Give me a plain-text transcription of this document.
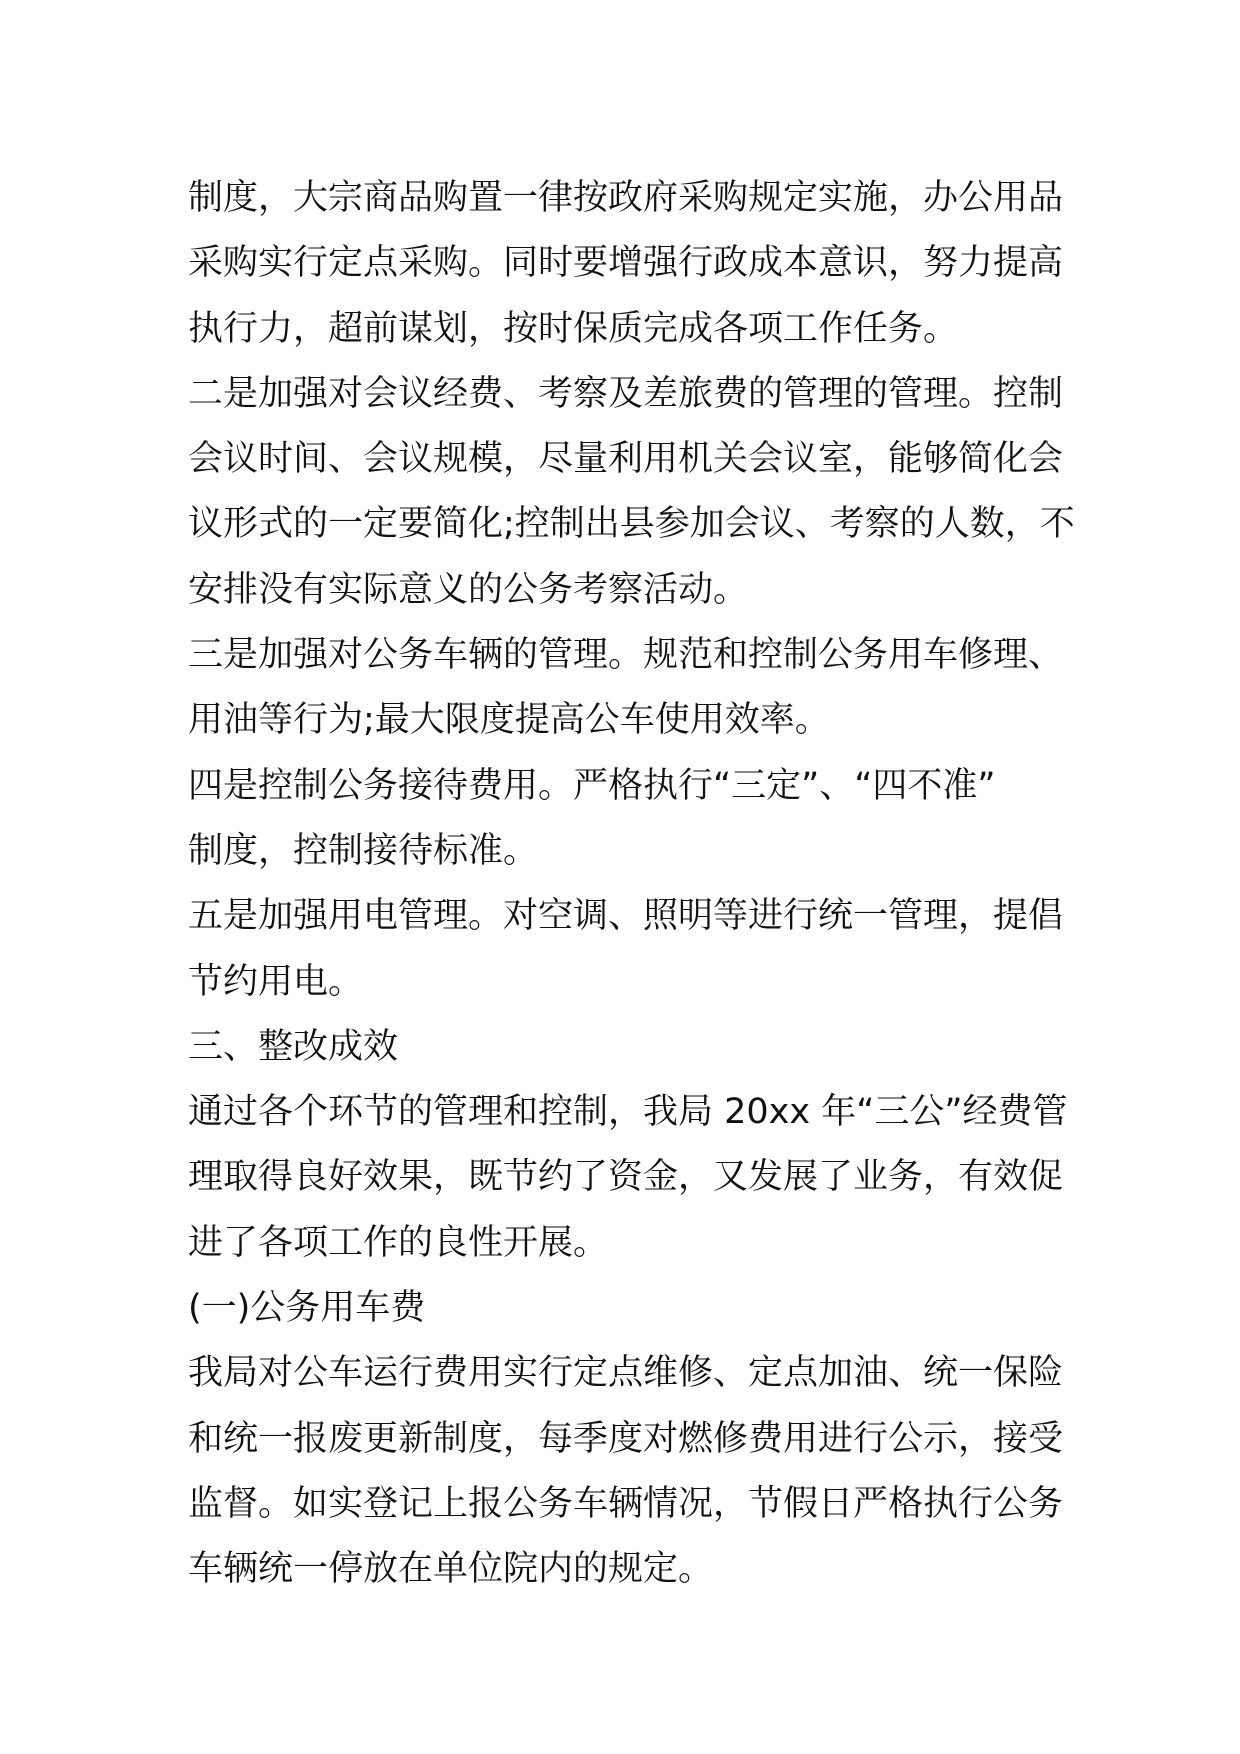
制度，大宗商品购置一律按政府采购规定实施，办公用品
采购实行定点采购。同时要增强行政成本意识，努力提高
执行力，超前谋划，按时保质完成各项工作任务。
二是加强对会议经费、考察及差旅费的管理的管理。控制
会议时间、会议规模，尽量利用机关会议室，能够简化会
议形式的一定要简化;控制出县参加会议、考察的人数，不
安排没有实际意义的公务考察活动。
三是加强对公务车辆的管理。规范和控制公务用车修理、
用油等行为;最大限度提高公车使用效率。
四是控制公务接待费用。严格执行“三定”、“四不准”
制度，控制接待标准。
五是加强用电管理。对空调、照明等进行统一管理，提倡
节约用电。
三、整改成效
通过各个环节的管理和控制，我局 20xx 年“三公”经费管
理取得良好效果，既节约了资金，又发展了业务，有效促
进了各项工作的良性开展。
(一)公务用车费
我局对公车运行费用实行定点维修、定点加油、统一保险
和统一报废更新制度，每季度对燃修费用进行公示，接受
监督。如实登记上报公务车辆情况，节假日严格执行公务
车辆统一停放在单位院内的规定。
